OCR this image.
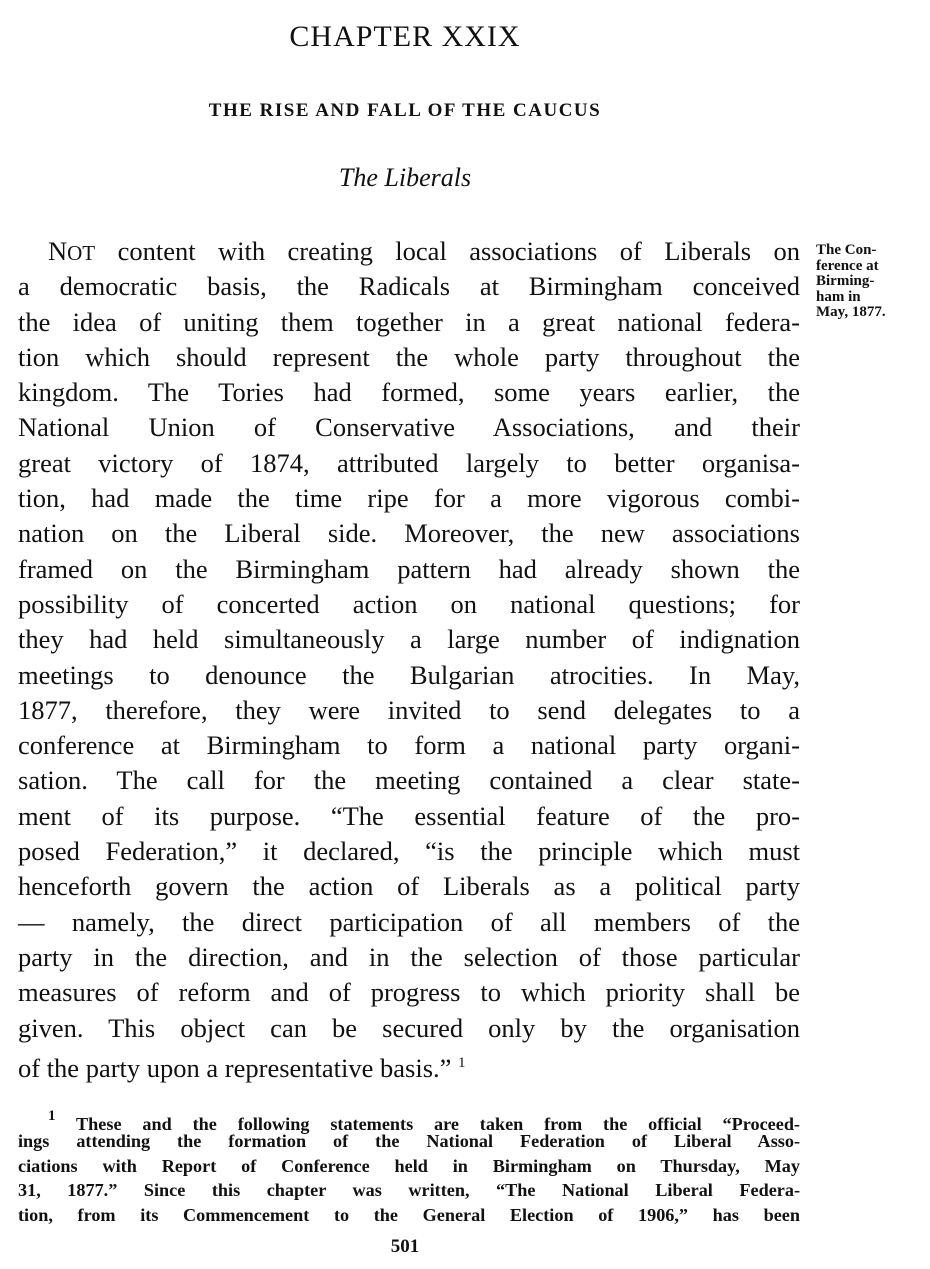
CHAPTER XXIX
THE RISE AND FALL OF THE CAUCUS
The Liberals
NOT content with creating local associations of Liberals on
a democratic basis, the Radicals at Birmingham conceived
the idea of uniting them together in a great national federa-
tion which should represent the whole party throughout the
kingdom. The Tories had formed, some years earlier, the
National Union of Conservative Associations, and their
great victory of 1874, attributed largely to better organisa-
tion, had made the time ripe for a more vigorous combi-
nation on the Liberal side. Moreover, the new associations
framed on the Birmingham pattern had already shown the
possibility of concerted action on national questions; for
they had held simultaneously a large number of indignation
meetings to denounce the Bulgarian atrocities. In May,
1877, therefore, they were invited to send delegates to a
conference at Birmingham to form a national party organi-
sation. The call for the meeting contained a clear state-
ment of its purpose. “The essential feature of the pro-
posed Federation,” it declared, “is the principle which must
henceforth govern the action of Liberals as a political party
— namely, the direct participation of all members of the
party in the direction, and in the selection of those particular
measures of reform and of progress to which priority shall be
given. This object can be secured only by the organisation
of the party upon a representative basis.” $^1$
The Con-
ference at
Birming-
ham in
May, 1877.
$^1$ These and the following statements are taken from the official “Proceed-
ings attending the formation of the National Federation of Liberal Asso-
ciations with Report of Conference held in Birmingham on Thursday, May
31, 1877.” Since this chapter was written, “The National Liberal Federa-
tion, from its Commencement to the General Election of 1906,” has been
501
